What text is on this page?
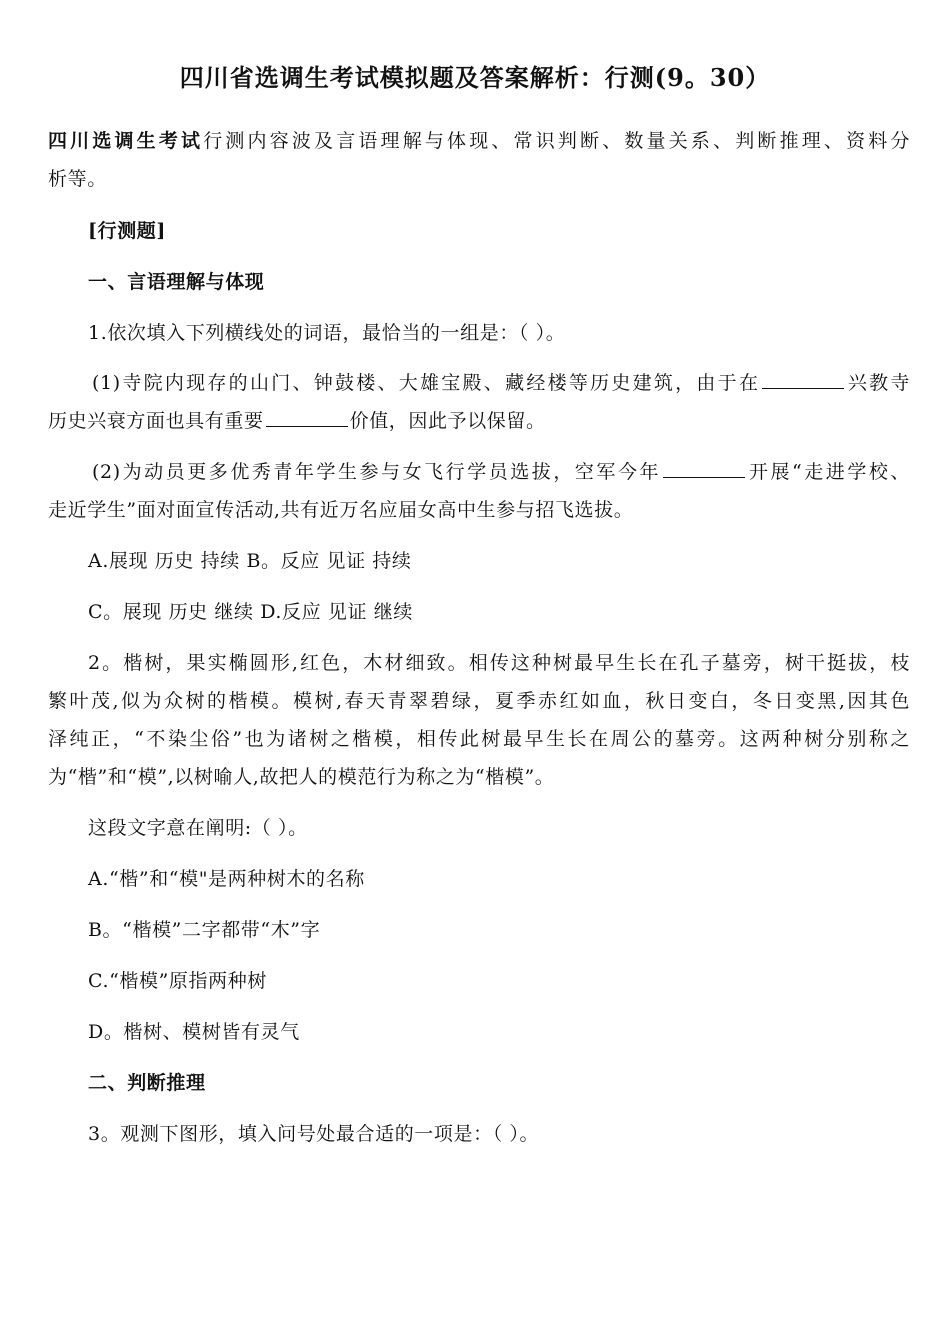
四川省选调生考试模拟题及答案解析：行测(9。30）
四川选调生考试行测内容波及言语理解与体现、常识判断、数量关系、判断推理、资料分
析等。
[行测题]
一、言语理解与体现
1.依次填入下列横线处的词语，最恰当的一组是：（ ）。
(1)寺院内现存的山门、钟鼓楼、大雄宝殿、藏经楼等历史建筑，由于在	兴教寺
历史兴衰方面也具有重要	价值，因此予以保留。
(2)为动员更多优秀青年学生参与女飞行学员选拔，空军今年	开展“走进学校、
走近学生”面对面宣传活动,共有近万名应届女高中生参与招飞选拔。
A.展现 历史 持续 B。反应 见证 持续
C。展现 历史 继续 D.反应 见证 继续
2。楷树，果实椭圆形,红色，木材细致。相传这种树最早生长在孔子墓旁，树干挺拔，枝
繁叶茂,似为众树的楷模。模树,春天青翠碧绿，夏季赤红如血，秋日变白，冬日变黑,因其色
泽纯正，“不染尘俗”也为诸树之楷模，相传此树最早生长在周公的墓旁。这两种树分别称之
为“楷”和“模”,以树喻人,故把人的模范行为称之为“楷模”。
这段文字意在阐明:（ ）。
A.“楷”和“模"是两种树木的名称
B。“楷模”二字都带“木”字
C.“楷模”原指两种树
D。楷树、模树皆有灵气
二、判断推理
3。观测下图形，填入问号处最合适的一项是：（ ）。
